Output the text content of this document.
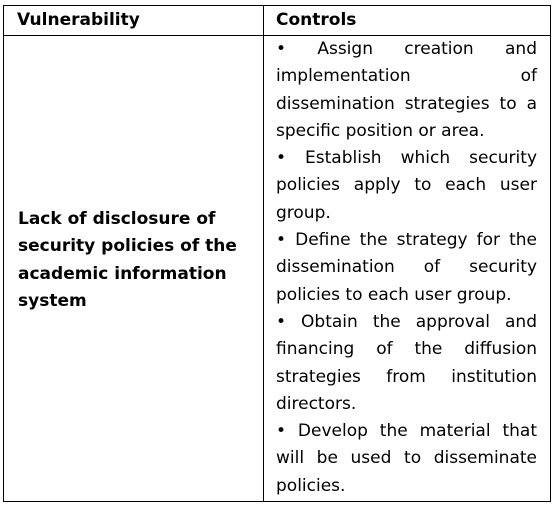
Vulnerability	Controls
Lack of disclosure of security policies of the academic information system

• Assign creation and implementation of dissemination strategies to a specific position or area.

• Establish which security policies apply to each user group.

• Define the strategy for the dissemination of security policies to each user group.

• Obtain the approval and financing of the diffusion strategies from institution directors.

• Develop the material that will be used to disseminate policies.
